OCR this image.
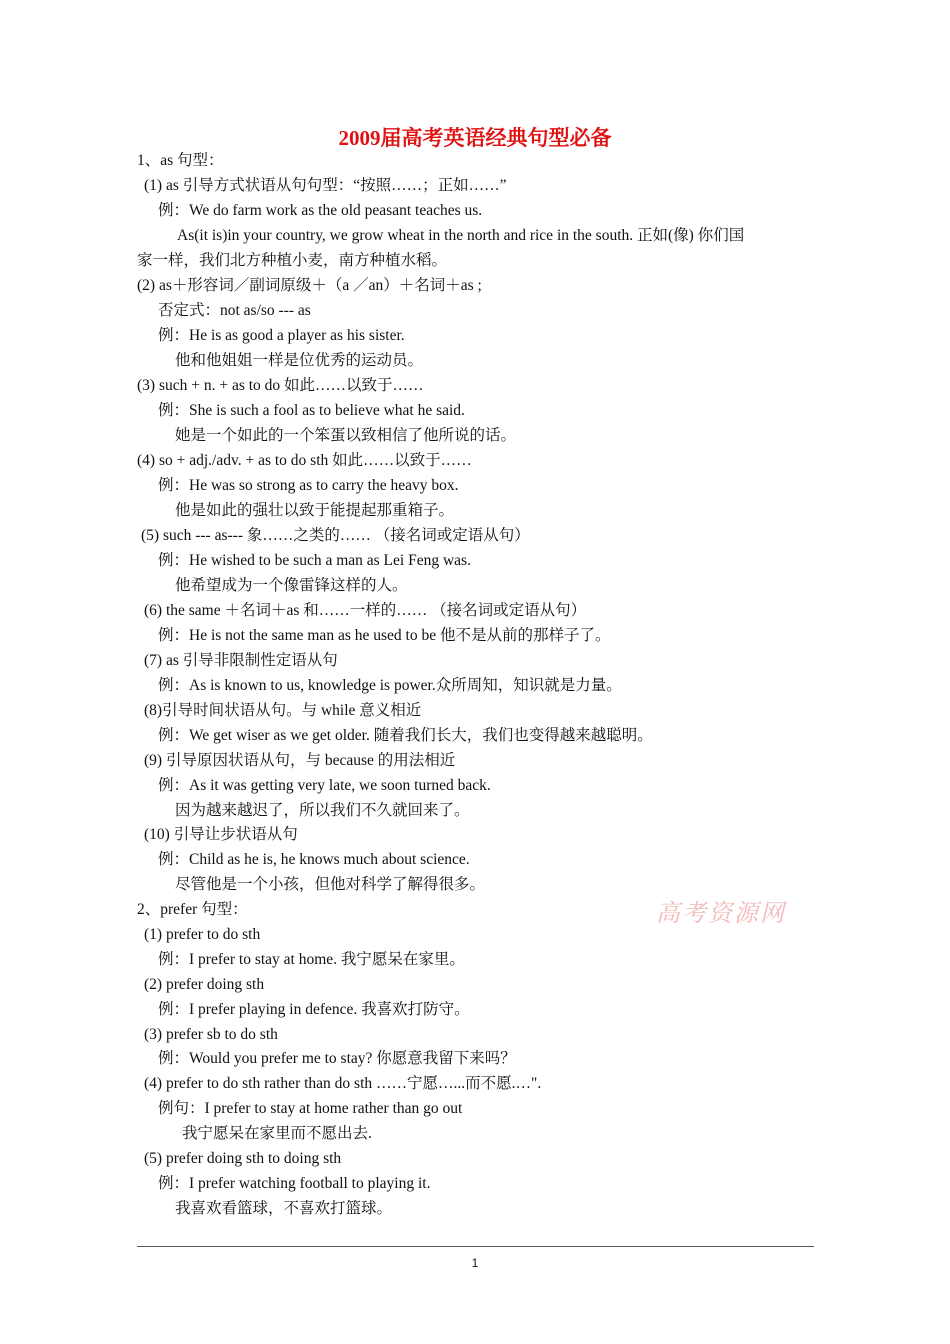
2009届高考英语经典句型必备
1、as 句型：
(1) as 引导方式状语从句句型：“按照……；正如……”
例：We do farm work as the old peasant teaches us.
As(it is)in your country, we grow wheat in the north and rice in the south. 正如(像) 你们国
家一样，我们北方种植小麦，南方种植水稻。
(2) as＋形容词／副词原级＋（a ／an）＋名词＋as ;
否定式：not as/so --- as
例：He is as good a player as his sister.
他和他姐姐一样是位优秀的运动员。
(3) such + n. + as to do 如此……以致于……
例：She is such a fool as to believe what he said.
她是一个如此的一个笨蛋以致相信了他所说的话。
(4) so + adj./adv. + as to do sth 如此……以致于……
例：He was so strong as to carry the heavy box.
他是如此的强壮以致于能提起那重箱子。
(5) such --- as--- 象……之类的…… （接名词或定语从句）
例：He wished to be such a man as Lei Feng was.
他希望成为一个像雷锋这样的人。
(6) the same ＋名词＋as 和……一样的…… （接名词或定语从句）
例：He is not the same man as he used to be 他不是从前的那样子了。
(7) as 引导非限制性定语从句
例：As is known to us, knowledge is power.众所周知，知识就是力量。
(8)引导时间状语从句。与 while 意义相近
例：We get wiser as we get older. 随着我们长大，我们也变得越来越聪明。
(9) 引导原因状语从句，与 because 的用法相近
例：As it was getting very late, we soon turned back.
因为越来越迟了，所以我们不久就回来了。
(10) 引导让步状语从句
例：Child as he is, he knows much about science.
尽管他是一个小孩，但他对科学了解得很多。
2、prefer 句型：
(1) prefer to do sth
例：I prefer to stay at home. 我宁愿呆在家里。
(2) prefer doing sth
例：I prefer playing in defence. 我喜欢打防守。
(3) prefer sb to do sth
例：Would you prefer me to stay? 你愿意我留下来吗？
(4) prefer to do sth rather than do sth ……宁愿…...而不愿.…".
例句：I prefer to stay at home rather than go out
我宁愿呆在家里而不愿出去.
(5) prefer doing sth to doing sth
例：I prefer watching football to playing it.
我喜欢看篮球，不喜欢打篮球。
高考资源网
1
